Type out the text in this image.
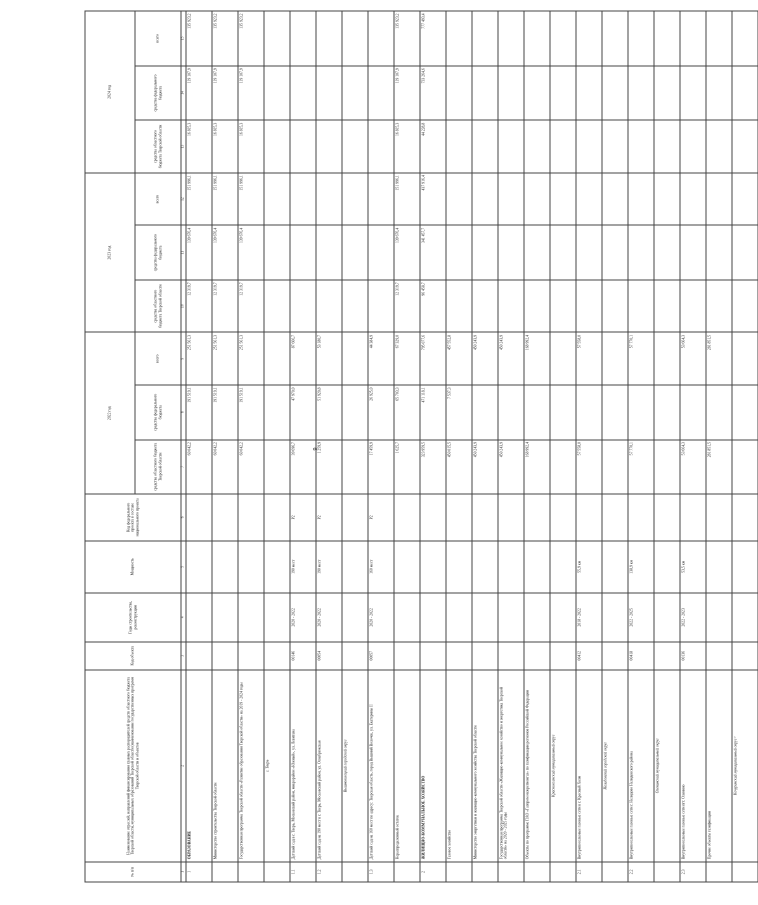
9
№ п/п	Наименование отраслей, направлений финансирования главных распорядителей средств областного бюджета Тверской области, муниципальных образований Тверской области (наименование государственных программ Тверской области и объектов	Код объекта	Годы строительства, реконструкции	Мощность	Код федерального проекта в составе национального проекта	2022 год			2023 год			2024 год		
						средства областного бюджета Тверской области	средства федерального бюджета	всего	средства областного бюджета Тверской области	средства федерального бюджета	всего	средства областного бюджета Тверской области	средства федерального бюджета	всего
1	2	3	4	5	6	7	8	9	10	11	12	13	14	15
I	ОБРАЗОВАНИЕ					60 042,2	191 519,1	251 561,3	12 319,7	139 676,4	151 996,1	16 815,3	119 107,9	135 923,2
	Министерство строительства Тверской области					60 042,2	191 519,1	251 561,3	12 319,7	139 676,4	151 996,1	16 815,3	119 107,9	135 923,2
	Государственная программа Тверской области «Развитие образования Тверской области» на 2019 - 2024 годы					60 042,2	191 519,1	251 561,3	12 319,7	139 676,4	151 996,1	16 815,3	119 107,9	135 923,2
	г. Тверь													
1.1	Детский сад в г. Тверь, Московский район, микрорайон «Южный», ул. Левитана	00146	2020 - 2022	190 мест	P2	39 696,7	47 970,0	87 666,7						
1.2	Детский сад на 190 мест в г. Тверь, Московский район, ул. Оснабрюкская	00054	2020 - 2022	190 мест	P2	1 259,9	51 920,8	53 180,7						
	Вышневолоцкий городской округ													
1.3	Детский сад на 160 мест по адресу: Тверская область, город Вышний Волочек, ул. Екатерины II	00057	2020 - 2022	160 мест	P2	17 459,9	26 925,0	44 384,9						
	Нераспределенный остаток					1 625,7	65 703,3	67 329,0	12 319,7	139 676,4	151 996,1	16 815,3	119 107,9	135 923,2
2	ЖИЛИЩНО-КОММУНАЛЬНОЕ ХОЗЯЙСТВО					323 959,5	471 118,1	795 077,6	96 458,7	341 457,7	437 916,4	44 228,8	733 264,6	777 493,4
	Газовое хозяйство					450 015,5	7 537,3	457 552,8						
	Министерство энергетики и жилищно-коммунального хозяйства Тверской области					450 243,9		450 243,9						
	Государственная программа Тверской области «Жилищно-коммунальное хозяйство и энергетика Тверской области» на 2020 - 2025 годы					450 243,9		450 243,9						
	Объекты по программе ПАО «Газпром межрегионгаз» по газификации регионов Российской Федерации					168 992,4		168 992,4						
	Краснохолмский муниципальный округ													
2.1	Внутрипоселковые газовые сети в г. Красный Холм	00412	2018 - 2022	55,9 км		57 558,0		57 558,0						
	Нелидовский городской округ													
2.2	Внутрипоселковые газовые сети г. Нелидово Нелидовского района	00418	2022 - 2025	138,9 км		57 770,1		57 770,1						
	Оленинский муниципальный округ													
2.3	Внутрипоселковые газовые сети пгт. Оленино	00136	2022 - 2023	53,5 км		53 664,3		53 664,3						
	Прочие объекты газификации					281 851,5		281 851,5						
	Кочуринский муниципальный округ ¹													
